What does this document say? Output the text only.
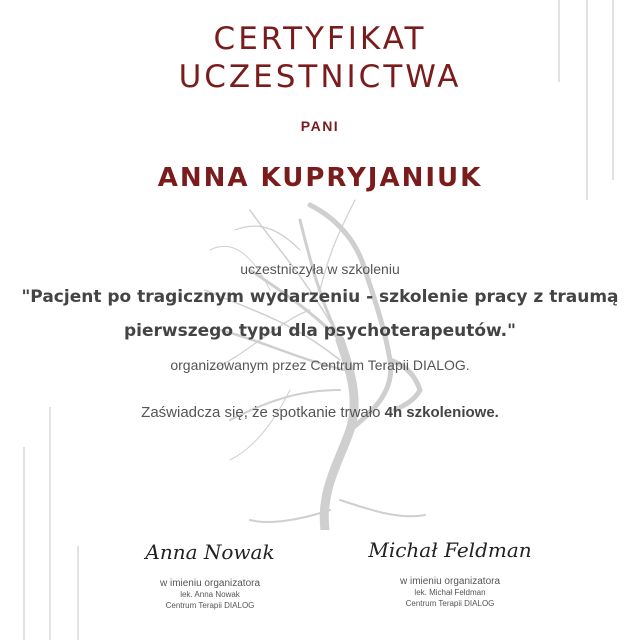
CERTYFIKAT
UCZESTNICTWA
PANI
ANNA KUPRYJANIUK
uczestniczyła w szkoleniu
"Pacjent po tragicznym wydarzeniu - szkolenie pracy z traumą
pierwszego typu dla psychoterapeutów."
organizowanym przez Centrum Terapii DIALOG.
Zaświadcza się, że spotkanie trwało 4h szkoleniowe.
Anna Nowak
w imieniu organizatora
lek. Anna Nowak
Centrum Terapii DIALOG
Michał Feldman
w imieniu organizatora
lek. Michał Feldman
Centrum Terapii DIALOG
